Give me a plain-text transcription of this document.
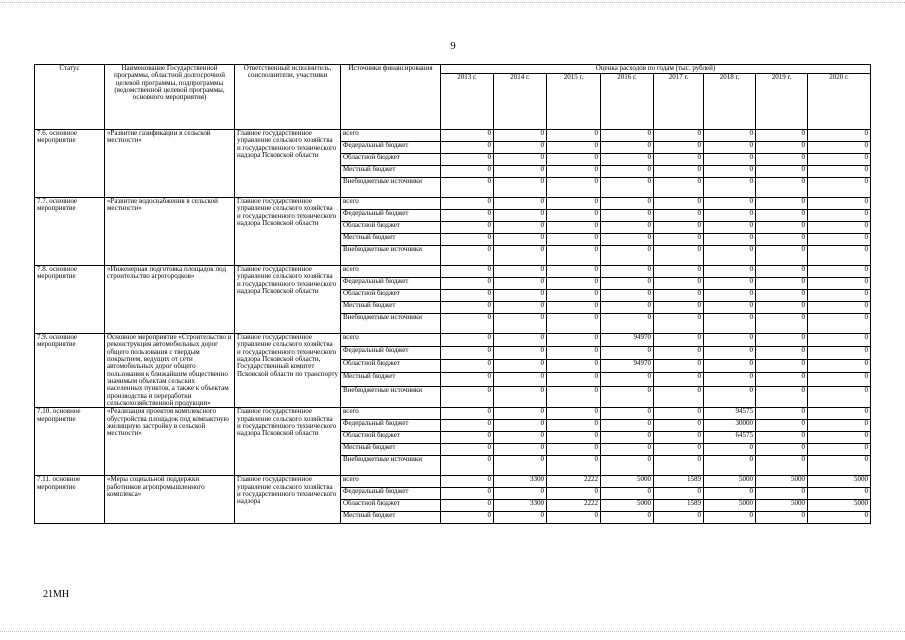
9
Статус	Наименование Государственной программы, областной долгосрочной целевой программы, подпрограммы (ведомственной целевой программы, основного мероприятия)	Ответственный исполнитель, соисполнители, участники	Источники финансирования	Оценка расходов по годам (тыс. рублей)							
				2013 г.	2014 г.	2015 г.	2016 г.	2017 г.	2018 г.	2019 г.	2020 г.
7.6. основное мероприятие	«Развитие газификации в сельской местности»	Главное государственное управление сельского хозяйства и государственного технического надзора Псковской области	всего	0	0	0	0	0	0	0	0
			Федеральный бюджет	0	0	0	0	0	0	0	0
			Областной бюджет	0	0	0	0	0	0	0	0
			Местный бюджет	0	0	0	0	0	0	0	0
			Внебюджетные источники	0	0	0	0	0	0	0	0
7.7. основное мероприятие	«Развитие водоснабжения в сельской местности»	Главное государственное управление сельского хозяйства и государственного технического надзора Псковской области	всего	0	0	0	0	0	0	0	0
			Федеральный бюджет	0	0	0	0	0	0	0	0
			Областной бюджет	0	0	0	0	0	0	0	0
			Местный бюджет	0	0	0	0	0	0	0	0
			Внебюджетные источники	0	0	0	0	0	0	0	0
7.8. основное мероприятие	«Инженерная подготовка площадок под строительство агрогородков»	Главное государственное управление сельского хозяйства и государственного технического надзора Псковской области	всего	0	0	0	0	0	0	0	0
			Федеральный бюджет	0	0	0	0	0	0	0	0
			Областной бюджет	0	0	0	0	0	0	0	0
			Местный бюджет	0	0	0	0	0	0	0	0
			Внебюджетные источники	0	0	0	0	0	0	0	0
7.9. основное мероприятие	Основное мероприятие «Строительство и реконструкция автомобильных дорог общего пользования с твердым покрытием, ведущих от сети автомобильных дорог общего пользования к ближайшим общественно значимым объектам сельских населенных пунктов, а также к объектам производства и переработки сельскохозяйственной продукции»	Главное государственное управление сельского хозяйства и государственного технического надзора Псковской области, Государственный комитет Псковской области по транспорту	всего	0	0	0	94970	0	0	0	0
			Федеральный бюджет	0	0	0	0	0	0	0	0
			Областной бюджет	0	0	0	94970	0	0	0	0
			Местный бюджет	0	0	0	0	0	0	0	0
			Внебюджетные источники	0	0	0	0	0	0	0	0
7.10. основное мероприятие	«Реализация проектов комплексного обустройства площадок под компактную жилищную застройку в сельской местности»	Главное государственное управление сельского хозяйства и государственного технического надзора Псковской области	всего	0	0	0	0	0	94575	0	0
			Федеральный бюджет	0	0	0	0	0	30000	0	0
			Областной бюджет	0	0	0	0	0	64575	0	0
			Местный бюджет	0	0	0	0	0	0	0	0
			Внебюджетные источники	0	0	0	0	0	0	0	0
7.11. основное мероприятие	«Меры социальной поддержки работников агропромышленного комплекса»	Главное государственное управление сельского хозяйства и государственного технического надзора	всего	0	3300	2222	5000	1589	5000	5000	5000
			Федеральный бюджет	0	0	0	0	0	0	0	0
			Областной бюджет	0	3300	2222	5000	1589	5000	5000	5000
			Местный бюджет	0	0	0	0	0	0	0	0
21МН
